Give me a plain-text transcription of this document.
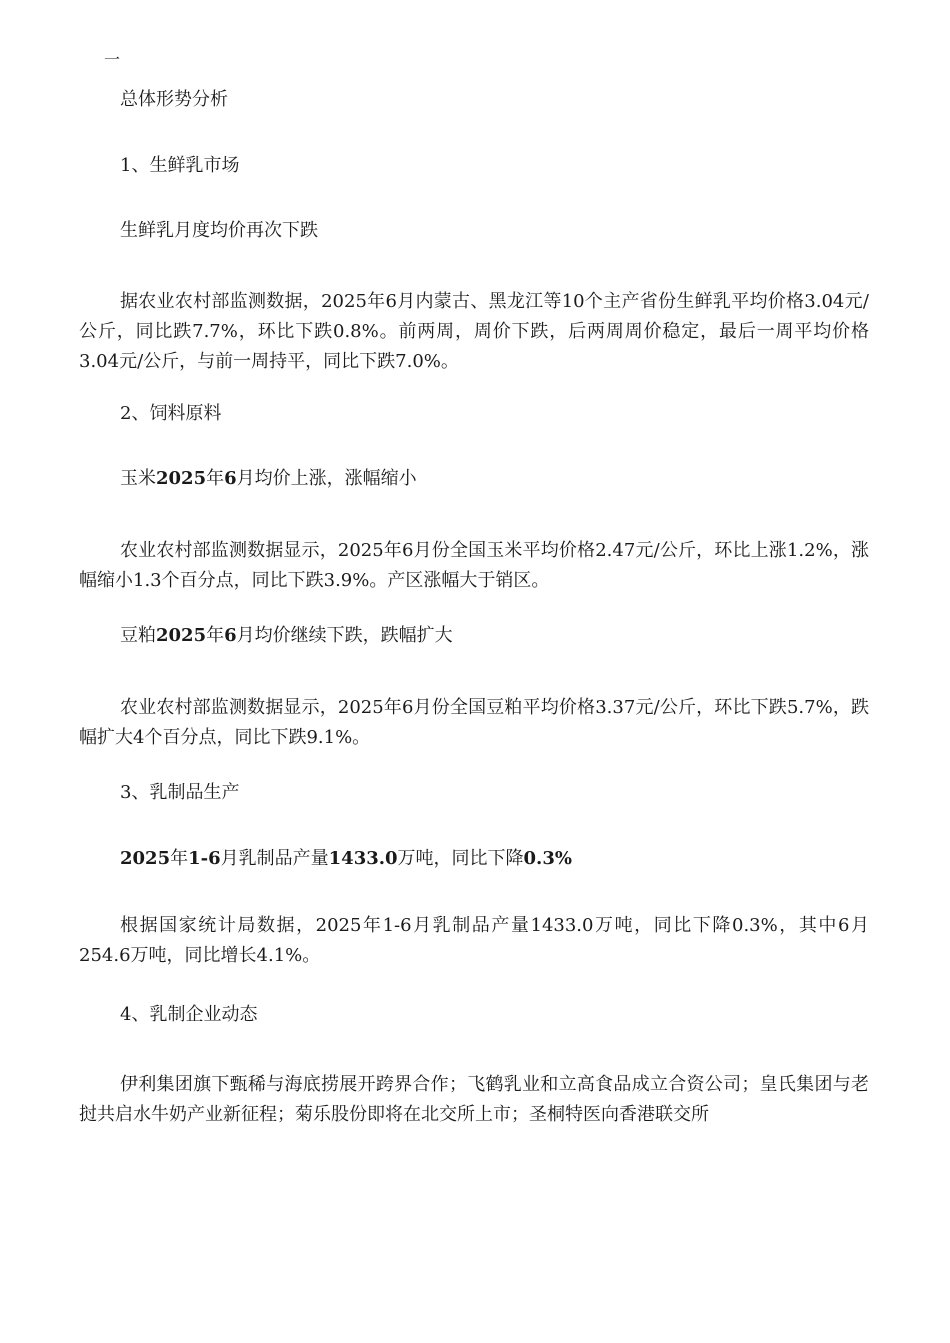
一
总体形势分析
1、生鲜乳市场
生鲜乳月度均价再次下跌
据农业农村部监测数据，2025年6月内蒙古、黑龙江等10个主产省份生鲜乳平均价格3.04元/公斤，同比跌7.7%，环比下跌0.8%。前两周，周价下跌，后两周周价稳定，最后一周平均价格3.04元/公斤，与前一周持平，同比下跌7.0%。
2、饲料原料
玉米2025年6月均价上涨，涨幅缩小
农业农村部监测数据显示，2025年6月份全国玉米平均价格2.47元/公斤，环比上涨1.2%，涨幅缩小1.3个百分点，同比下跌3.9%。产区涨幅大于销区。
豆粕2025年6月均价继续下跌，跌幅扩大
农业农村部监测数据显示，2025年6月份全国豆粕平均价格3.37元/公斤，环比下跌5.7%，跌幅扩大4个百分点，同比下跌9.1%。
3、乳制品生产
2025年1-6月乳制品产量1433.0万吨，同比下降0.3%
根据国家统计局数据，2025年1-6月乳制品产量1433.0万吨，同比下降0.3%，其中6月254.6万吨，同比增长4.1%。
4、乳制企业动态
伊利集团旗下甄稀与海底捞展开跨界合作；飞鹤乳业和立高食品成立合资公司；皇氏集团与老挝共启水牛奶产业新征程；菊乐股份即将在北交所上市；圣桐特医向香港联交所
